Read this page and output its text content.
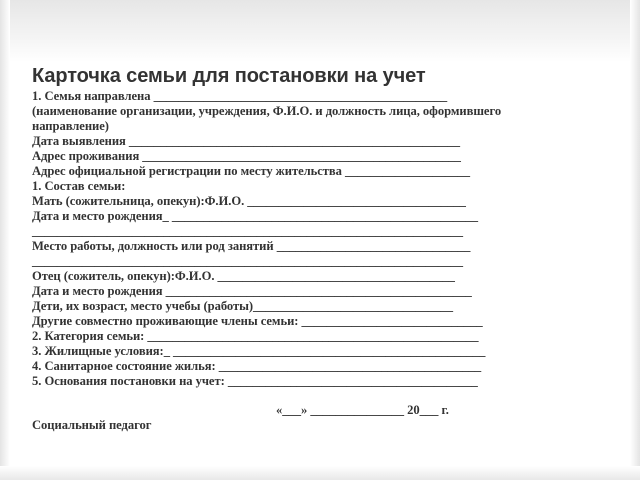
Карточка семьи для постановки на учет
1. Семья направлена _______________________________________________
(наименование организации, учреждения, Ф.И.О. и должность лица, оформившего
направление)
Дата выявления _____________________________________________________
Адрес проживания ___________________________________________________
Адрес официальной регистрации по месту жительства ____________________
1. Состав семьи:
Мать (сожительница, опекун):Ф.И.О. ___________________________________
Дата и место рождения_ _________________________________________________
_____________________________________________________________________
Место работы, должность или род занятий _______________________________
_____________________________________________________________________
Отец (сожитель, опекун):Ф.И.О. ______________________________________
Дата и место рождения _________________________________________________
Дети, их возраст, место учебы (работы)________________________________
Другие совместно проживающие члены семьи: _____________________________
2. Категория семьи: _____________________________________________________
3. Жилищные условия:_ __________________________________________________
4. Санитарное состояние жилья: __________________________________________
5. Основания постановки на учет: ________________________________________
«___» _______________ 20___ г.
Социальный педагог
